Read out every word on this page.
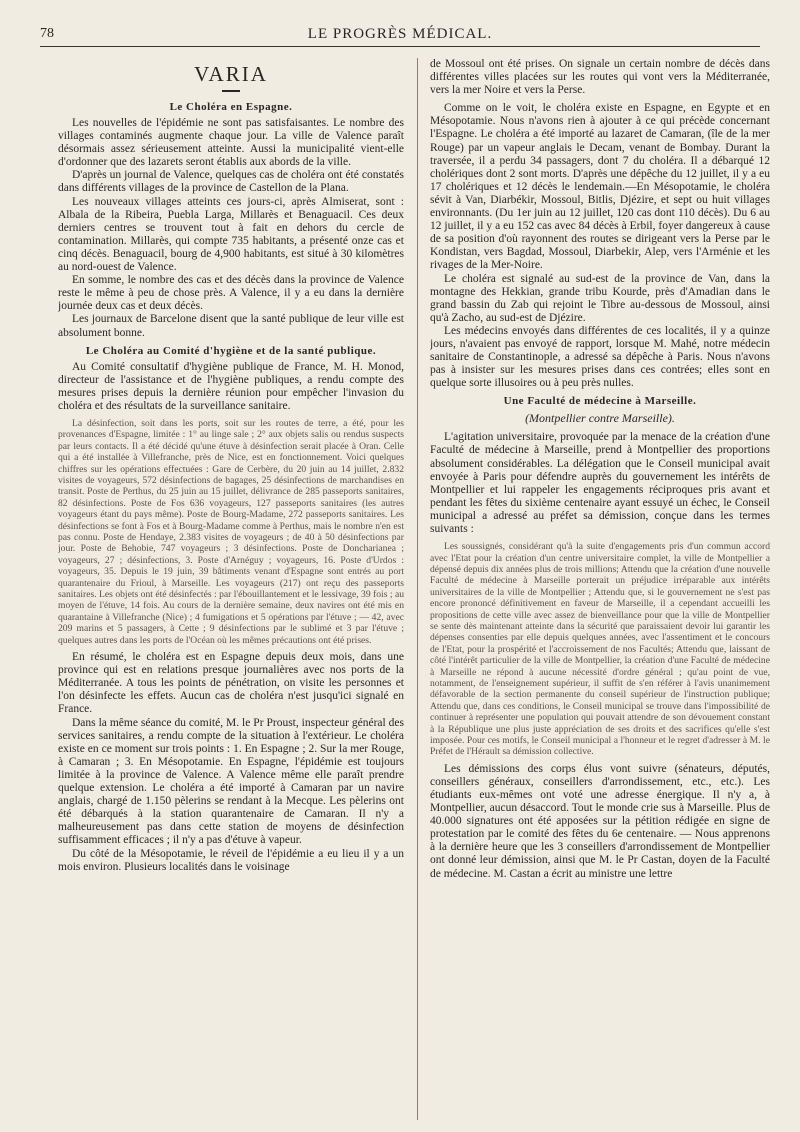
78	LE PROGRÈS MÉDICAL.
VARIA
Le Choléra en Espagne.

Les nouvelles de l'épidémie ne sont pas satisfaisantes. Le nombre des villages contaminés augmente chaque jour. La ville de Valence paraît désormais assez sérieusement atteinte. Aussi la municipalité vient-elle d'ordonner que des lazarets seront établis aux abords de la ville.

D'après un journal de Valence, quelques cas de choléra ont été constatés dans différents villages de la province de Castellon de la Plana.

Les nouveaux villages atteints ces jours-ci, après Almiserat, sont : Albala de la Ribeira, Puebla Larga, Millarès et Benaguacil. Ces deux derniers centres se trouvent tout à fait en dehors du cercle de contamination. Millarès, qui compte 735 habitants, a présenté onze cas et cinq décès. Benaguacil, bourg de 4,900 habitants, est situé à 30 kilomètres au nord-ouest de Valence.

En somme, le nombre des cas et des décès dans la province de Valence reste le même à peu de chose près. A Valence, il y a eu dans la dernière journée deux cas et deux décès.

Les journaux de Barcelone disent que la santé publique de leur ville est absolument bonne.

Le Choléra au Comité d'hygiène et de la santé publique.

Au Comité consultatif d'hygiène publique de France, M. H. Monod, directeur de l'assistance et de l'hygiène publiques, a rendu compte des mesures prises depuis la dernière réunion pour empêcher l'invasion du choléra et des résultats de la surveillance sanitaire.

La désinfection, soit dans les ports, soit sur les routes de terre, a été, pour les provenances d'Espagne, limitée : 1° au linge sale ; 2° aux objets salis ou rendus suspects par leurs contacts. Il a été décidé qu'une étuve à désinfection serait placée à Oran. Celle qui a été installée à Villefranche, près de Nice, est en fonctionnement. Voici quelques chiffres sur les opérations effectuées : Gare de Cerbère, du 20 juin au 14 juillet, 2.832 visites de voyageurs, 572 désinfections de bagages, 25 désinfections de marchandises en transit. Poste de Perthus, du 25 juin au 15 juillet, délivrance de 285 passeports sanitaires, 82 désinfections. Poste de Fos 636 voyageurs, 127 passeports sanitaires (les autres voyageurs étant du pays même). Poste de Bourg-Madame, 272 passeports sanitaires. Les désinfections se font à Fos et à Bourg-Madame comme à Perthus, mais le nombre n'en est pas connu. Poste de Hendaye, 2.383 visites de voyageurs ; de 40 à 50 désinfections par jour. Poste de Behobie, 747 voyageurs ; 3 désinfections. Poste de Doncharianea ; voyageurs, 27 ; désinfections, 3. Poste d'Arnéguy ; voyageurs, 16. Poste d'Urdos : voyageurs, 35. Depuis le 19 juin, 39 bâtiments venant d'Espagne sont entrés au port quarantenaire du Frioul, à Marseille. Les voyageurs (217) ont reçu des passeports sanitaires. Les objets ont été désinfectés : par l'ébouillantement et le lessivage, 39 fois ; au moyen de l'étuve, 14 fois. Au cours de la dernière semaine, deux navires ont été mis en quarantaine à Villefranche (Nice) ; 4 fumigations et 5 opérations par l'étuve ; — 42, avec 209 marins et 5 passagers, à Cette ; 9 désinfections par le sublimé et 3 par l'étuve ; quelques autres dans les ports de l'Océan où les mêmes précautions ont été prises.

En résumé, le choléra est en Espagne depuis deux mois, dans une province qui est en relations presque journalières avec nos ports de la Méditerranée. A tous les points de pénétration, on visite les personnes et l'on désinfecte les effets. Aucun cas de choléra n'est jusqu'ici signalé en France.

Dans la même séance du comité, M. le Pr Proust, inspecteur général des services sanitaires, a rendu compte de la situation à l'extérieur. Le choléra existe en ce moment sur trois points : 1. En Espagne ; 2. Sur la mer Rouge, à Camaran ; 3. En Mésopotamie. En Espagne, l'épidémie est toujours limitée à la province de Valence. A Valence même elle paraît prendre quelque extension. Le choléra a été importé à Camaran par un navire anglais, chargé de 1.150 pèlerins se rendant à la Mecque. Les pèlerins ont été débarqués à la station quarantenaire de Camaran. Il n'y a malheureusement pas dans cette station de moyens de désinfection suffisamment efficaces ; il n'y a pas d'étuve à vapeur.

Du côté de la Mésopotamie, le réveil de l'épidémie a eu lieu il y a un mois environ. Plusieurs localités dans le voisinage

de Mossoul ont été prises. On signale un certain nombre de décès dans différentes villes placées sur les routes qui vont vers la Méditerranée, vers la mer Noire et vers la Perse.

Comme on le voit, le choléra existe en Espagne, en Egypte et en Mésopotamie. Nous n'avons rien à ajouter à ce qui précède concernant l'Espagne. Le choléra a été importé au lazaret de Camaran, (île de la mer Rouge) par un vapeur anglais le Decam, venant de Bombay. Durant la traversée, il a perdu 34 passagers, dont 7 du choléra. Il a débarqué 12 cholériques dont 2 sont morts. D'après une dépêche du 12 juillet, il y a eu 17 cholériques et 12 décès le lendemain.—En Mésopotamie, le choléra sévit à Van, Diarbékir, Mossoul, Bitlis, Djézire, et sept ou huit villages environnants. (Du 1er juin au 12 juillet, 120 cas dont 110 décès). Du 6 au 12 juillet, il y a eu 152 cas avec 84 décès à Erbil, foyer dangereux à cause de sa position d'où rayonnent des routes se dirigeant vers la Perse par le Kondistan, vers Bagdad, Mossoul, Diarbekir, Alep, vers l'Arménie et les rivages de la Mer-Noire.

Le choléra est signalé au sud-est de la province de Van, dans la montagne des Hekkian, grande tribu Kourde, près d'Amadian dans le grand bassin du Zab qui rejoint le Tibre au-dessous de Mossoul, ainsi qu'à Zacho, au sud-est de Djézire.

Les médecins envoyés dans différentes de ces localités, il y a quinze jours, n'avaient pas envoyé de rapport, lorsque M. Mahé, notre médecin sanitaire de Constantinople, a adressé sa dépêche à Paris. Nous n'avons pas à insister sur les mesures prises dans ces contrées; elles sont en quelque sorte illusoires ou à peu près nulles.

Une Faculté de médecine à Marseille.
(Montpellier contre Marseille).

L'agitation universitaire, provoquée par la menace de la création d'une Faculté de médecine à Marseille, prend à Montpellier des proportions absolument considérables. La délégation que le Conseil municipal avait envoyée à Paris pour défendre auprès du gouvernement les intérêts de Montpellier et lui rappeler les engagements réciproques pris avant et pendant les fêtes du sixième centenaire ayant essuyé un échec, le Conseil municipal a adressé au préfet sa démission, conçue dans les termes suivants :

Les soussignés, considérant qu'à la suite d'engagements pris d'un commun accord avec l'Etat pour la création d'un centre universitaire complet, la ville de Montpellier a dépensé depuis dix années plus de trois millions; Attendu que la création d'une nouvelle Faculté de médecine à Marseille porterait un préjudice irréparable aux intérêts universitaires de la ville de Montpellier ; Attendu que, si le gouvernement ne s'est pas encore prononcé définitivement en faveur de Marseille, il a cependant accueilli les propositions de cette ville avec assez de bienveillance pour que la ville de Montpellier se sente dès maintenant atteinte dans la sécurité que paraissaient devoir lui garantir les dépenses consenties par elle depuis quelques années, avec l'assentiment et le concours de l'Etat, pour la prospérité et l'accroissement de nos Facultés; Attendu que, laissant de côté l'intérêt particulier de la ville de Montpellier, la création d'une Faculté de médecine à Marseille ne répond à aucune nécessité d'ordre général ; qu'au point de vue, notamment, de l'enseignement supérieur, il suffit de s'en référer à l'avis unanimement défavorable de la section permanente du conseil supérieur de l'instruction publique; Attendu que, dans ces conditions, le Conseil municipal se trouve dans l'impossibilité de continuer à représenter une population qui pouvait attendre de son dévouement constant à la République une plus juste appréciation de ses droits et des sacrifices qu'elle s'est imposée. Pour ces motifs, le Conseil municipal a l'honneur et le regret d'adresser à M. le Préfet de l'Hérault sa démission collective.

Les démissions des corps élus vont suivre (sénateurs, députés, conseillers généraux, conseillers d'arrondissement, etc., etc.). Les étudiants eux-mêmes ont voté une adresse énergique. Il n'y a, à Montpellier, aucun désaccord. Tout le monde crie sus à Marseille. Plus de 40.000 signatures ont été apposées sur la pétition rédigée en signe de protestation par le comité des fêtes du 6e centenaire. — Nous apprenons à la dernière heure que les 3 conseillers d'arrondissement de Montpellier ont donné leur démission, ainsi que M. le Pr Castan, doyen de la Faculté de médecine. M. Castan a écrit au ministre une lettre
